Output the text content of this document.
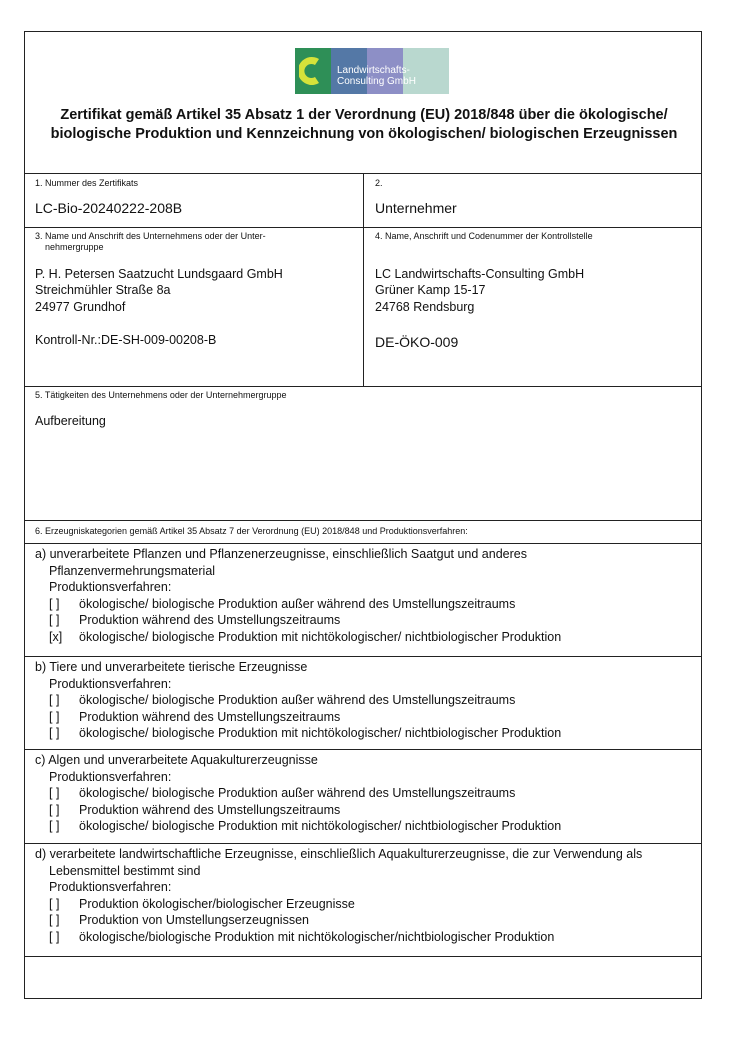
Landwirtschafts-
Consulting GmbH
Zertifikat gemäß Artikel 35 Absatz 1 der Verordnung (EU) 2018/848 über die ökologische/ biologische Produktion und Kennzeichnung von ökologischen/ biologischen Erzeugnissen
1. Nummer des Zertifikats
LC-Bio-20240222-208B
2.
Unternehmer
3. Name und Anschrift des Unternehmens oder der Unter-
nehmergruppe
P. H. Petersen Saatzucht Lundsgaard GmbH
Streichmühler Straße 8a
24977 Grundhof
Kontroll-Nr.:DE-SH-009-00208-B
4. Name, Anschrift und Codenummer der Kontrollstelle
LC Landwirtschafts-Consulting GmbH
Grüner Kamp 15-17
24768 Rendsburg
DE-ÖKO-009
5. Tätigkeiten des Unternehmens oder der Unternehmergruppe
Aufbereitung
6. Erzeugniskategorien gemäß Artikel 35 Absatz 7 der Verordnung (EU) 2018/848 und Produktionsverfahren:
a) unverarbeitete Pflanzen und Pflanzenerzeugnisse, einschließlich Saatgut und anderes
Pflanzenvermehrungsmaterial
Produktionsverfahren:
[ ]	ökologische/ biologische Produktion außer während des Umstellungszeitraums
[ ]	Produktion während des Umstellungszeitraums
[x]	ökologische/ biologische Produktion mit nichtökologischer/ nichtbiologischer Produktion
b) Tiere und unverarbeitete tierische Erzeugnisse
Produktionsverfahren:
[ ]	ökologische/ biologische Produktion außer während des Umstellungszeitraums
[ ]	Produktion während des Umstellungszeitraums
[ ]	ökologische/ biologische Produktion mit nichtökologischer/ nichtbiologischer Produktion
c) Algen und unverarbeitete Aquakulturerzeugnisse
Produktionsverfahren:
[ ]	ökologische/ biologische Produktion außer während des Umstellungszeitraums
[ ]	Produktion während des Umstellungszeitraums
[ ]	ökologische/ biologische Produktion mit nichtökologischer/ nichtbiologischer Produktion
d) verarbeitete landwirtschaftliche Erzeugnisse, einschließlich Aquakulturerzeugnisse, die zur Verwendung als
Lebensmittel bestimmt sind
Produktionsverfahren:
[ ]	Produktion ökologischer/biologischer Erzeugnisse
[ ]	Produktion von Umstellungserzeugnissen
[ ]	ökologische/biologische Produktion mit nichtökologischer/nichtbiologischer Produktion
